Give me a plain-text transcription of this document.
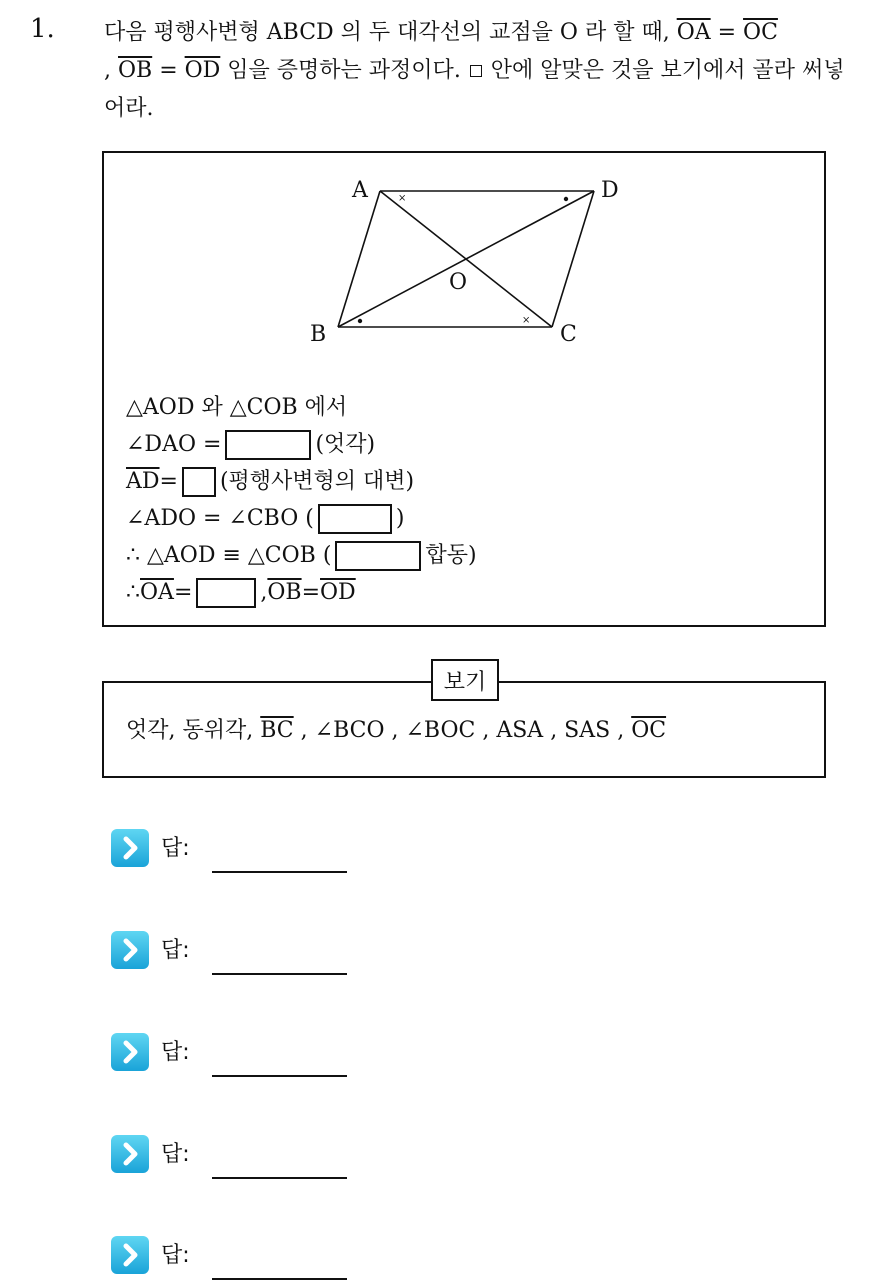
1. 다음 평행사변형 ABCD 의 두 대각선의 교점을 O 라 할 때, $\overline{OA} = \overline{OC}$
, $\overline{OB} = \overline{OD}$ 임을 증명하는 과정이다.  안에 알맞은 것을 보기에서 골라 써넣어라.
×
×
A	D
B	C
O
△AOD 와 △COB 에서
∠DAO =	(엇각)
$\overline{AD}$ = (평행사변형의 대변)
∠ADO = ∠CBO (	)
∴ △AOD ≡ △COB (	합동)
∴ $\overline{OA}$ =	, $\overline{OB} = \overline{OD}$
엇각, 동위각, $\overline{BC}$ , ∠BCO , ∠BOC , ASA , SAS , $\overline{OC}$
보기
답:
답:
답:
답:
답:
